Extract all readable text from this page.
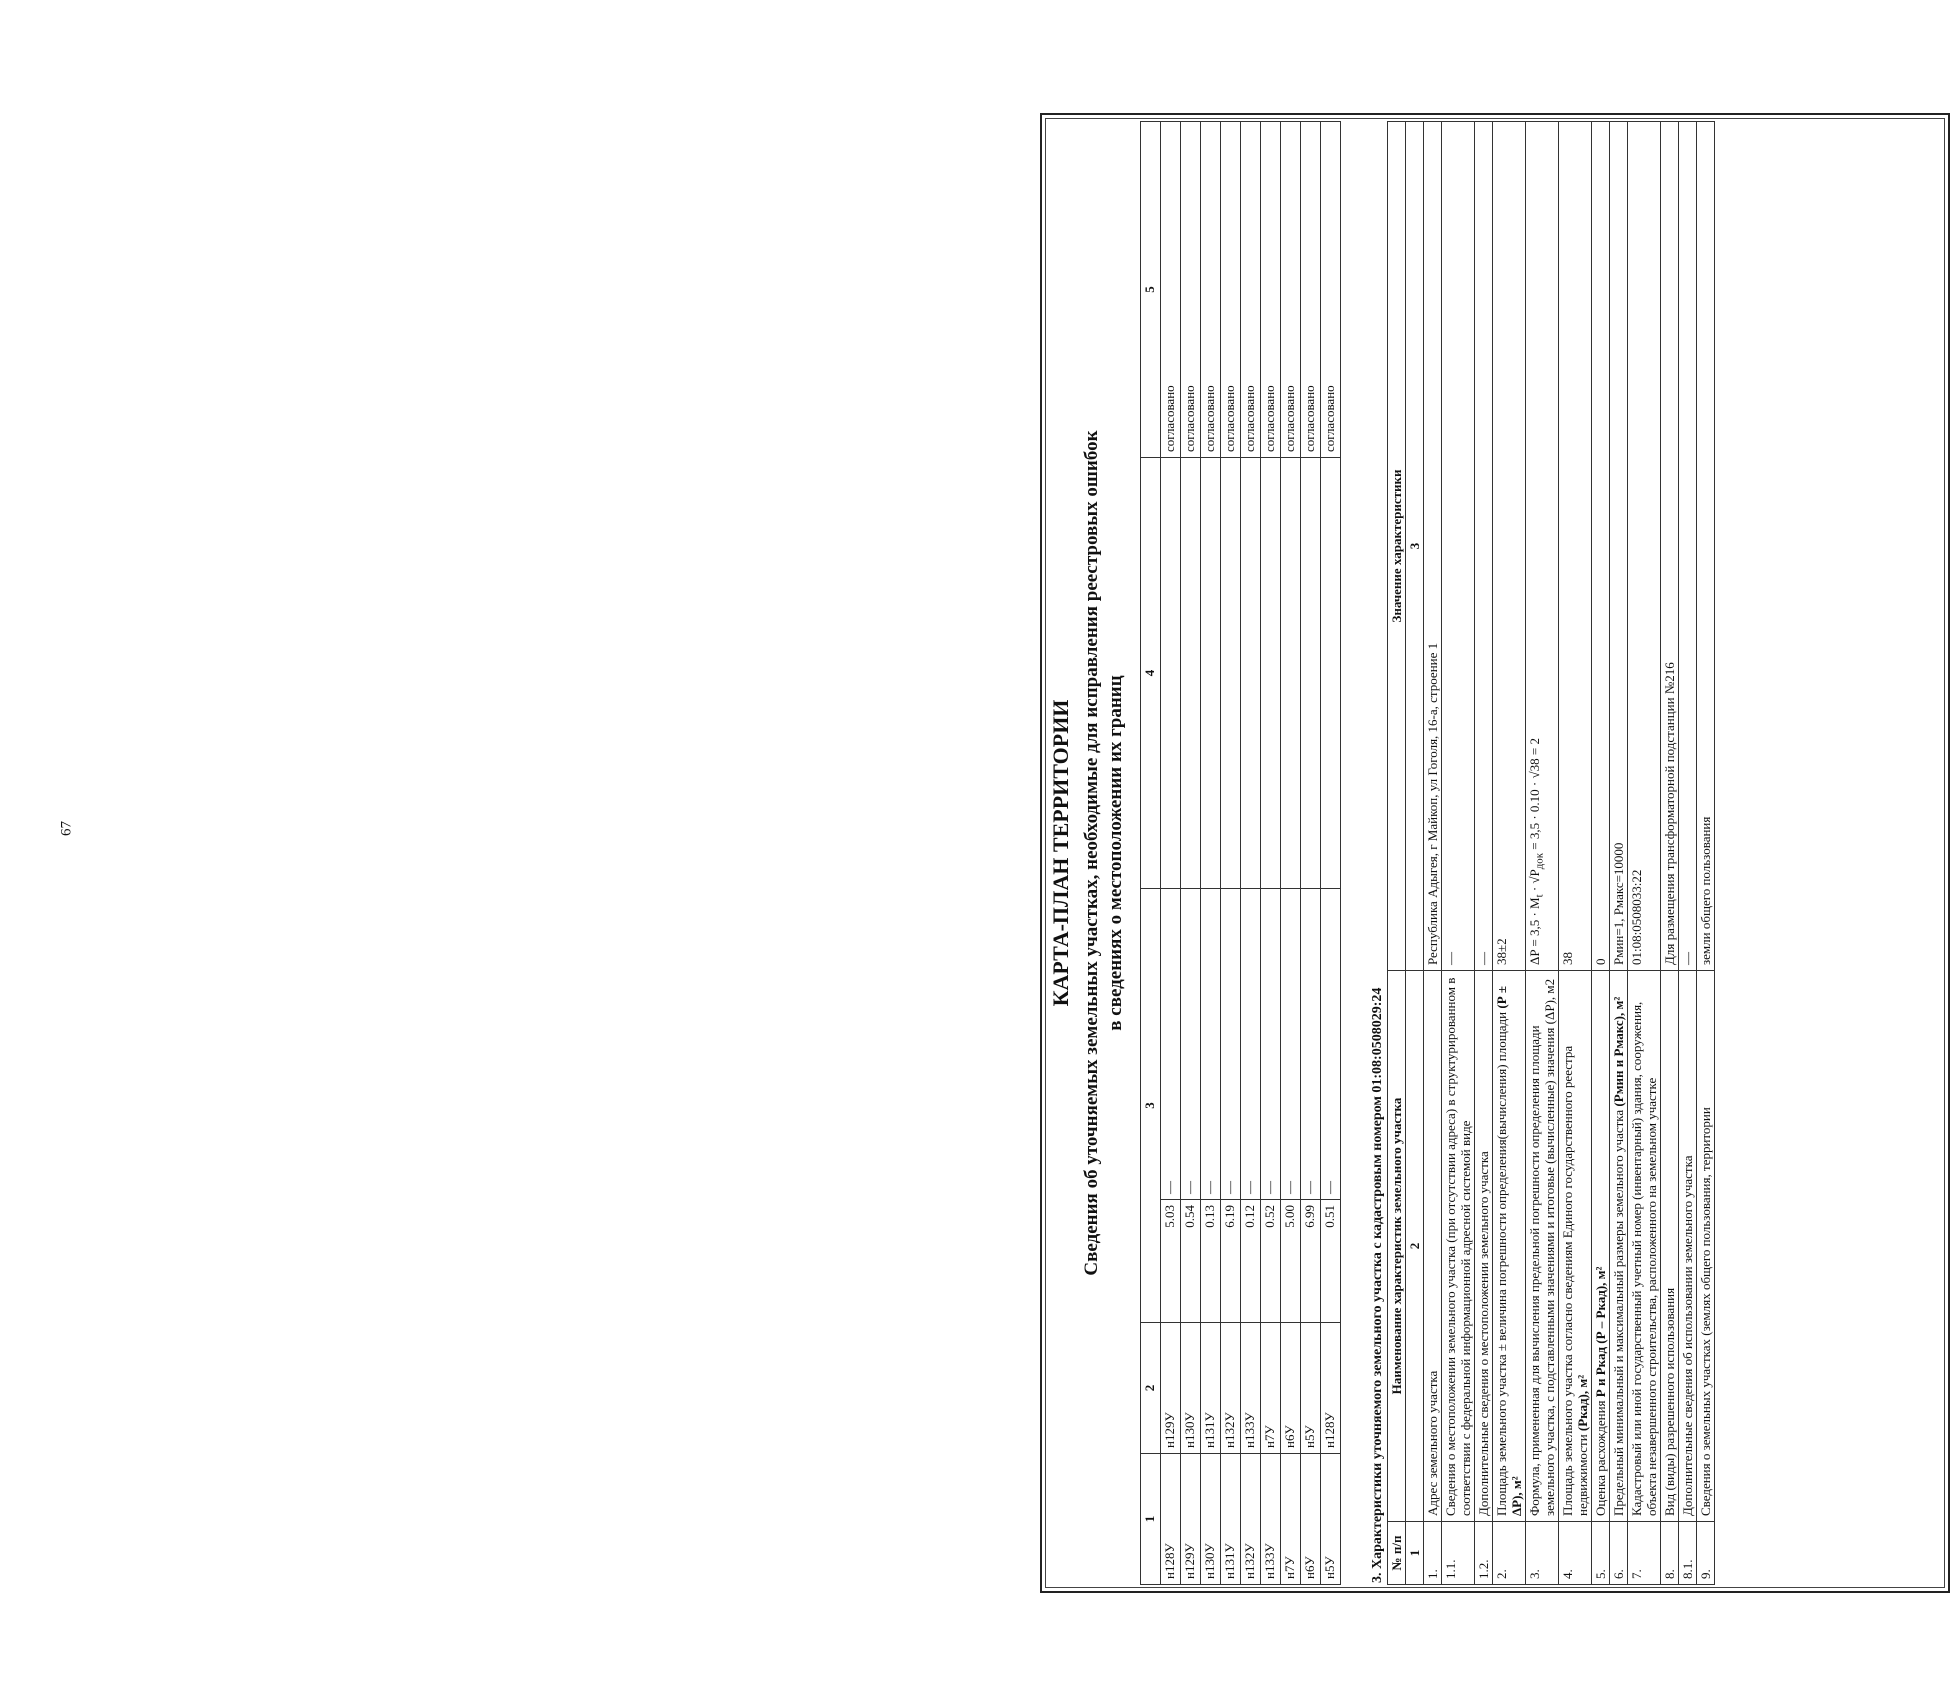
67	КАРТА-ПЛАН ТЕРРИТОРИИ Сведения об уточняемых земельных участках, необходимые для исправления реестровых ошибок в сведениях о местоположении их границ
1	2	3		4	5
н128У	н129У	5.03	—		согласовано
н129У	н130У	0.54	—		согласовано
н130У	н131У	0.13	—		согласовано
н131У	н132У	6.19	—		согласовано
н132У	н133У	0.12	—		согласовано
н133У	н7У	0.52	—		согласовано
н7У	н6У	5.00	—		согласовано
н6У	н5У	6.99	—		согласовано
н5У	н128У	0.51	—		согласовано
3. Характеристики уточняемого земельного участка с кадастровым номером 01:08:0508029:24 № п/п	Наименование характеристик земельного участка	Значение характеристики
1	2	3
1.	Адрес земельного участка	Республика Адыгея, г Майкоп, ул Гоголя, 16-а, строение 1
1.1.	Сведения о местоположении земельного участка (при отсутствии адреса) в структурированном в соответствии с федеральной информационной адресной системой виде	—
1.2.	Дополнительные сведения о местоположении земельного участка	—
2.	Площадь земельного участка ± величина погрешности определения(вычисления) площади (Р ± ΔР), м²	38±2
3.	Формула, примененная для вычисления предельной погрешности определения площади земельного участка, с подставленными значениями и итоговые (вычисленные) значения (ΔР), м2	$\Delta P = 3,5 \cdot M_t \cdot √P_{док} = 3,5 \cdot 0.10 \cdot √38 = 2$
4.	Площадь земельного участка согласно сведениям Единого государственного реестра недвижимости (Ркад), м²	38
5.	Оценка расхождения Р и Ркад (Р – Ркад), м²	0
6.	Предельный минимальный и максимальный размеры земельного участка (Рмин и Рмакс), м²	Рмин=1, Рмакс=10000
7.	Кадастровый или иной государственный учетный номер (инвентарный) здания, сооружения, объекта незавершенного строительства, расположенного на земельном участке	01:08:0508033:22
8.	Вид (виды) разрешенного использования	Для размещения трансформаторной подстанции №216
8.1.	Дополнительные сведения об использовании земельного участка	—
9.	Сведения о земельных участках (землях общего пользования, территории	земли общего пользования
